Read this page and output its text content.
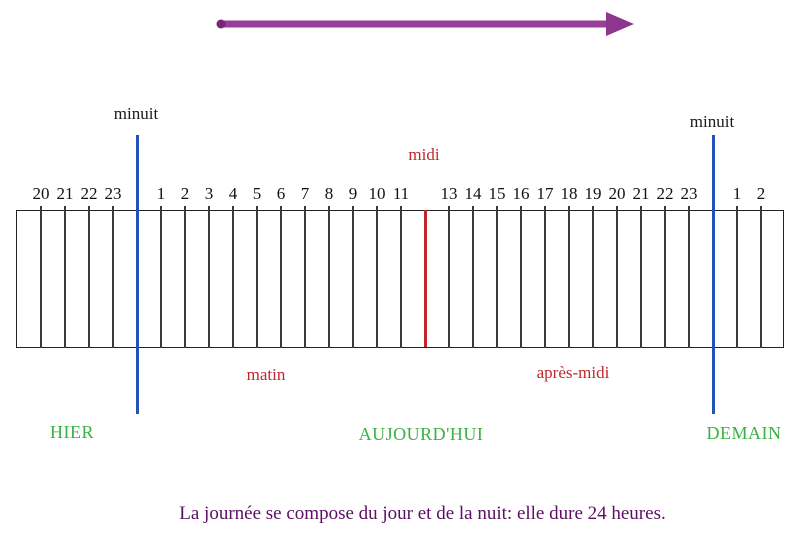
minuit	minuit
midi
20 21 22 23	1 2 3 4 5 6 7 8 9 10 11 13 14 15 16 17 18 19 20 21 22 23	1 2
matin	après-midi
HIER	AUJOURD'HUI	DEMAIN
La journée se compose du jour et de la nuit: elle dure 24 heures.
